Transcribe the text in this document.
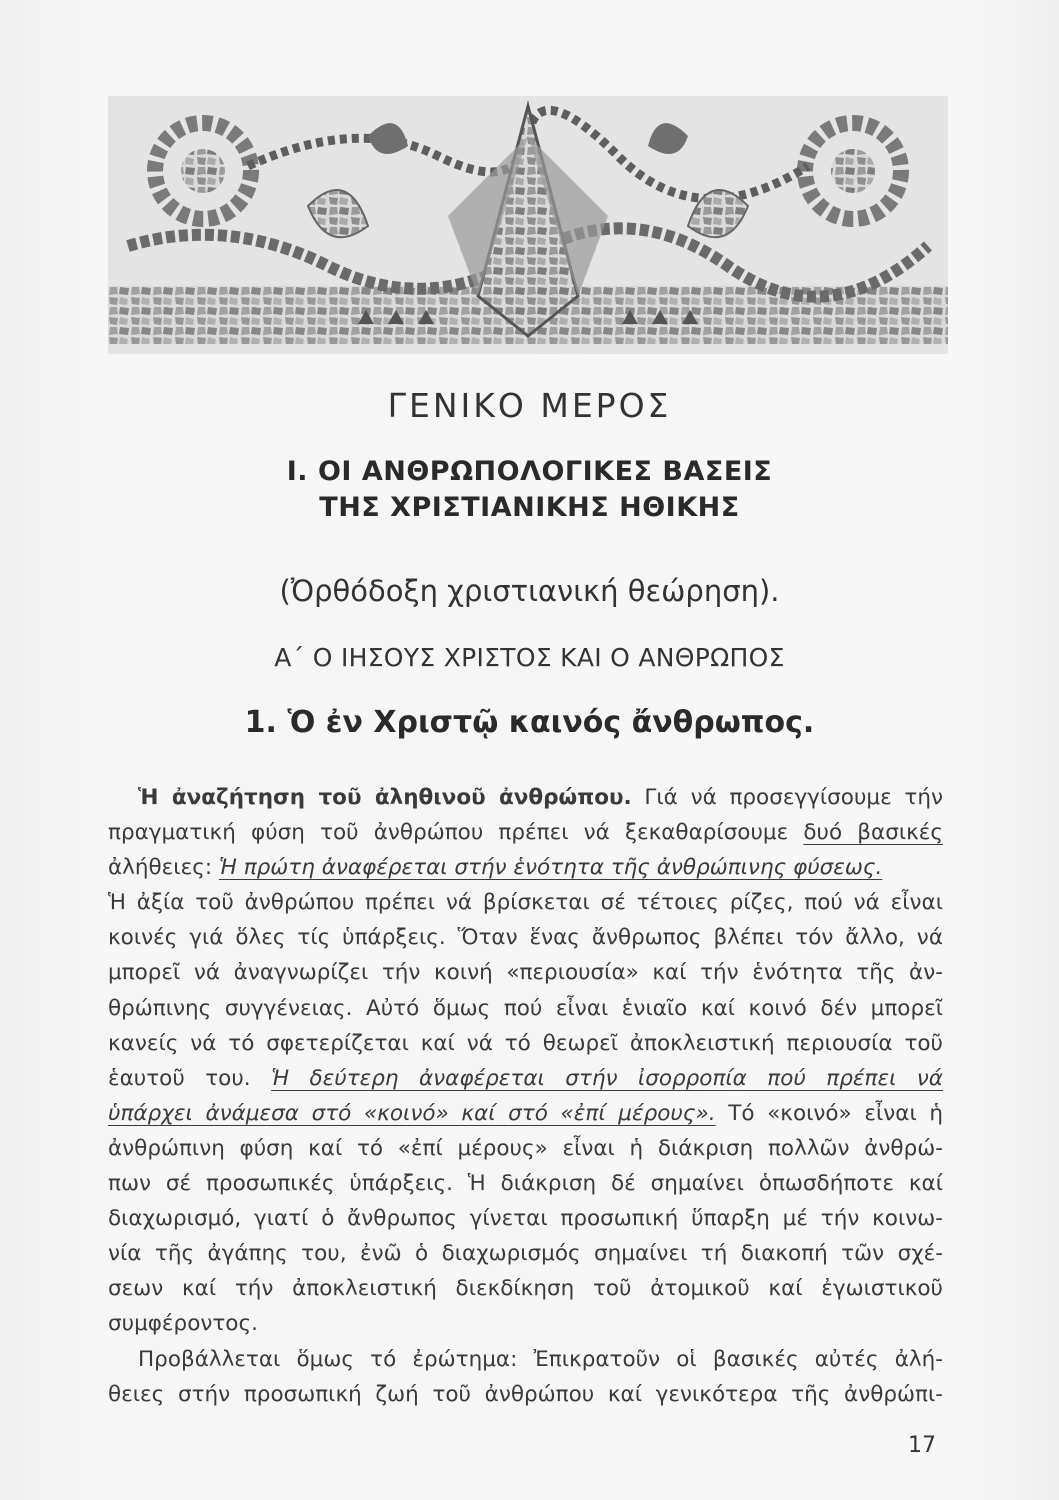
ΓΕΝΙΚΟ ΜΕΡΟΣ
Ι. ΟΙ ΑΝΘΡΩΠΟΛΟΓΙΚΕΣ ΒΑΣΕΙΣ
ΤΗΣ ΧΡΙΣΤΙΑΝΙΚΗΣ ΗΘΙΚΗΣ
(Ὀρθόδοξη χριστιανική θεώρηση).
Α΄ Ο ΙΗΣΟΥΣ ΧΡΙΣΤΟΣ ΚΑΙ Ο ΑΝΘΡΩΠΟΣ
1. Ὁ ἐν Χριστῷ καινός ἄνθρωπος.
Ἡ ἀναζήτηση τοῦ ἀληθινοῦ ἀνθρώπου. Γιά νά προσεγγίσουμε τήν
πραγματική φύση τοῦ ἀνθρώπου πρέπει νά ξεκαθαρίσουμε δυό βασικές
ἀλήθειες: Ἡ πρώτη ἀναφέρεται στήν ἑνότητα τῆς ἀνθρώπινης φύσεως.
Ἡ ἀξία τοῦ ἀνθρώπου πρέπει νά βρίσκεται σέ τέτοιες ρίζες, πού νά εἶναι
κοινές γιά ὅλες τίς ὑπάρξεις. Ὅταν ἕνας ἄνθρωπος βλέπει τόν ἄλλο, νά
μπορεῖ νά ἀναγνωρίζει τήν κοινή «περιουσία» καί τήν ἑνότητα τῆς ἀν-
θρώπινης συγγένειας. Αὐτό ὅμως πού εἶναι ἑνιαῖο καί κοινό δέν μπορεῖ
κανείς νά τό σφετερίζεται καί νά τό θεωρεῖ ἀποκλειστική περιουσία τοῦ
ἑαυτοῦ του. Ἡ δεύτερη ἀναφέρεται στήν ἰσορροπία πού πρέπει νά
ὑπάρχει ἀνάμεσα στό «κοινό» καί στό «ἐπί μέρους». Τό «κοινό» εἶναι ἡ
ἀνθρώπινη φύση καί τό «ἐπί μέρους» εἶναι ἡ διάκριση πολλῶν ἀνθρώ-
πων σέ προσωπικές ὑπάρξεις. Ἡ διάκριση δέ σημαίνει ὁπωσδήποτε καί
διαχωρισμό, γιατί ὁ ἄνθρωπος γίνεται προσωπική ὕπαρξη μέ τήν κοινω-
νία τῆς ἀγάπης του, ἐνῶ ὁ διαχωρισμός σημαίνει τή διακοπή τῶν σχέ-
σεων καί τήν ἀποκλειστική διεκδίκηση τοῦ ἀτομικοῦ καί ἐγωιστικοῦ
συμφέροντος.
Προβάλλεται ὅμως τό ἐρώτημα: Ἐπικρατοῦν οἱ βασικές αὐτές ἀλή-
θειες στήν προσωπική ζωή τοῦ ἀνθρώπου καί γενικότερα τῆς ἀνθρώπι-
17
